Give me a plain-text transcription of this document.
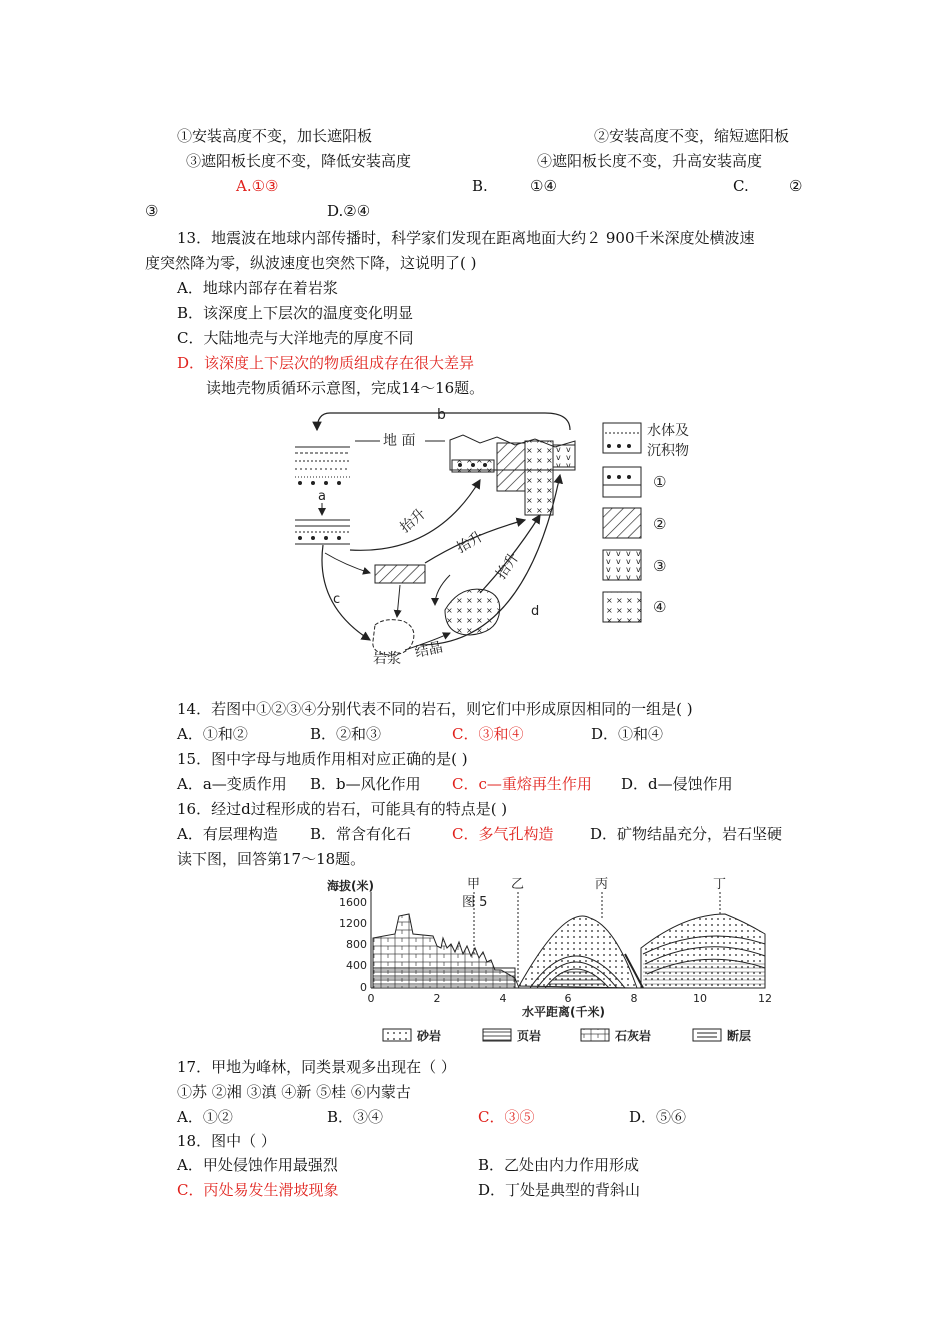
①安装高度不变，加长遮阳板	②安装高度不变，缩短遮阳板
③遮阳板长度不变，降低安装高度	④遮阳板长度不变，升高安装高度
A.①③	B.	①④	C.	②
③	D.②④
13．地震波在地球内部传播时，科学家们发现在距离地面大约２ 900千米深度处横波速
度突然降为零，纵波速度也突然下降，这说明了( )
A．地球内部存在着岩浆
B．该深度上下层次的温度变化明显
C．大陆地壳与大洋地壳的厚度不同
D．该深度上下层次的物质组成存在很大差异
读地壳物质循环示意图，完成14～16题。
b
地 面
a
抬升
抬升
c
岩浆 结晶
抬升
d
水体及
沉积物
①
②
③
④
14．若图中①②③④分别代表不同的岩石，则它们中形成原因相同的一组是( )
A．①和②	B．②和③	C．③和④	D．①和④
15．图中字母与地质作用相对应正确的是( )
A．a—变质作用 B．b—风化作用 C．c—重熔再生作用 D．d—侵蚀作用
16．经过d过程形成的岩石，可能具有的特点是( )
A．有层理构造 B．常含有化石	C．多气孔构造 D．矿物结晶充分，岩石坚硬
读下图，回答第17～18题。
海拔(米)
1600
1200
800
400
0
0	2	4	6	8	10	12
水平距离(千米)
甲
图 5
乙	丙	丁
砂岩	页岩	石灰岩	断层
17．甲地为峰林，同类景观多出现在（ ）
①苏 ②湘 ③滇 ④新 ⑤桂 ⑥内蒙古
A．①②	B．③④	C．③⑤	D．⑤⑥
18．图中（ ）
A．甲处侵蚀作用最强烈	B．乙处由内力作用形成
C．丙处易发生滑坡现象	D．丁处是典型的背斜山
